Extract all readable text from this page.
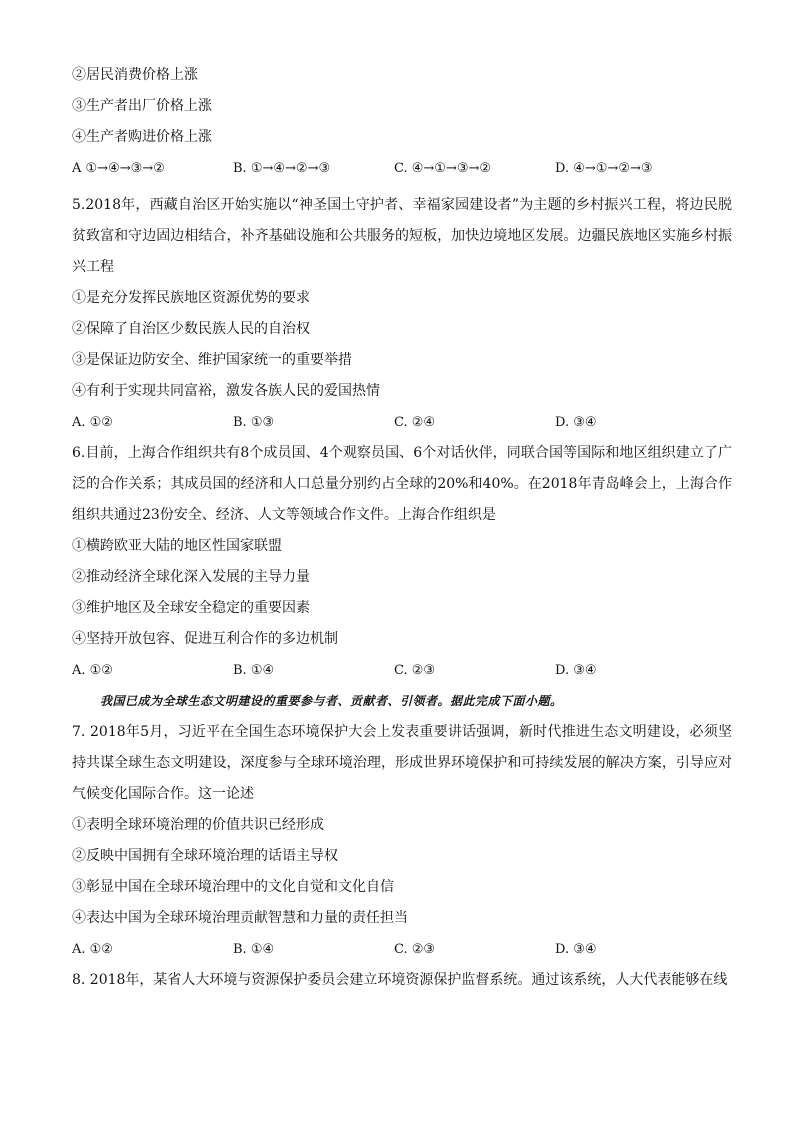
②居民消费价格上涨
③生产者出厂价格上涨
④生产者购进价格上涨
A ①→④→③→②	B. ①→④→②→③	C. ④→①→③→②	D. ④→①→②→③
5.2018年，西藏自治区开始实施以“神圣国土守护者、幸福家园建设者”为主题的乡村振兴工程，将边民脱贫致富和守边固边相结合，补齐基础设施和公共服务的短板，加快边境地区发展。边疆民族地区实施乡村振兴工程
①是充分发挥民族地区资源优势的要求
②保障了自治区少数民族人民的自治权
③是保证边防安全、维护国家统一的重要举措
④有利于实现共同富裕，激发各族人民的爱国热情
A. ①②	B. ①③	C. ②④	D. ③④
6.目前，上海合作组织共有8个成员国、4个观察员国、6个对话伙伴，同联合国等国际和地区组织建立了广泛的合作关系；其成员国的经济和人口总量分别约占全球的20%和40%。在2018年青岛峰会上，上海合作组织共通过23份安全、经济、人文等领域合作文件。上海合作组织是
①横跨欧亚大陆的地区性国家联盟
②推动经济全球化深入发展的主导力量
③维护地区及全球安全稳定的重要因素
④坚持开放包容、促进互利合作的多边机制
A. ①②	B. ①④	C. ②③	D. ③④
我国已成为全球生态文明建设的重要参与者、贡献者、引领者。据此完成下面小题。
7. 2018年5月，习近平在全国生态环境保护大会上发表重要讲话强调，新时代推进生态文明建设，必须坚持共谋全球生态文明建设，深度参与全球环境治理，形成世界环境保护和可持续发展的解决方案，引导应对气候变化国际合作。这一论述
①表明全球环境治理的价值共识已经形成
②反映中国拥有全球环境治理的话语主导权
③彰显中国在全球环境治理中的文化自觉和文化自信
④表达中国为全球环境治理贡献智慧和力量的责任担当
A. ①②	B. ①④	C. ②③	D. ③④
8. 2018年，某省人大环境与资源保护委员会建立环境资源保护监督系统。通过该系统，人大代表能够在线
